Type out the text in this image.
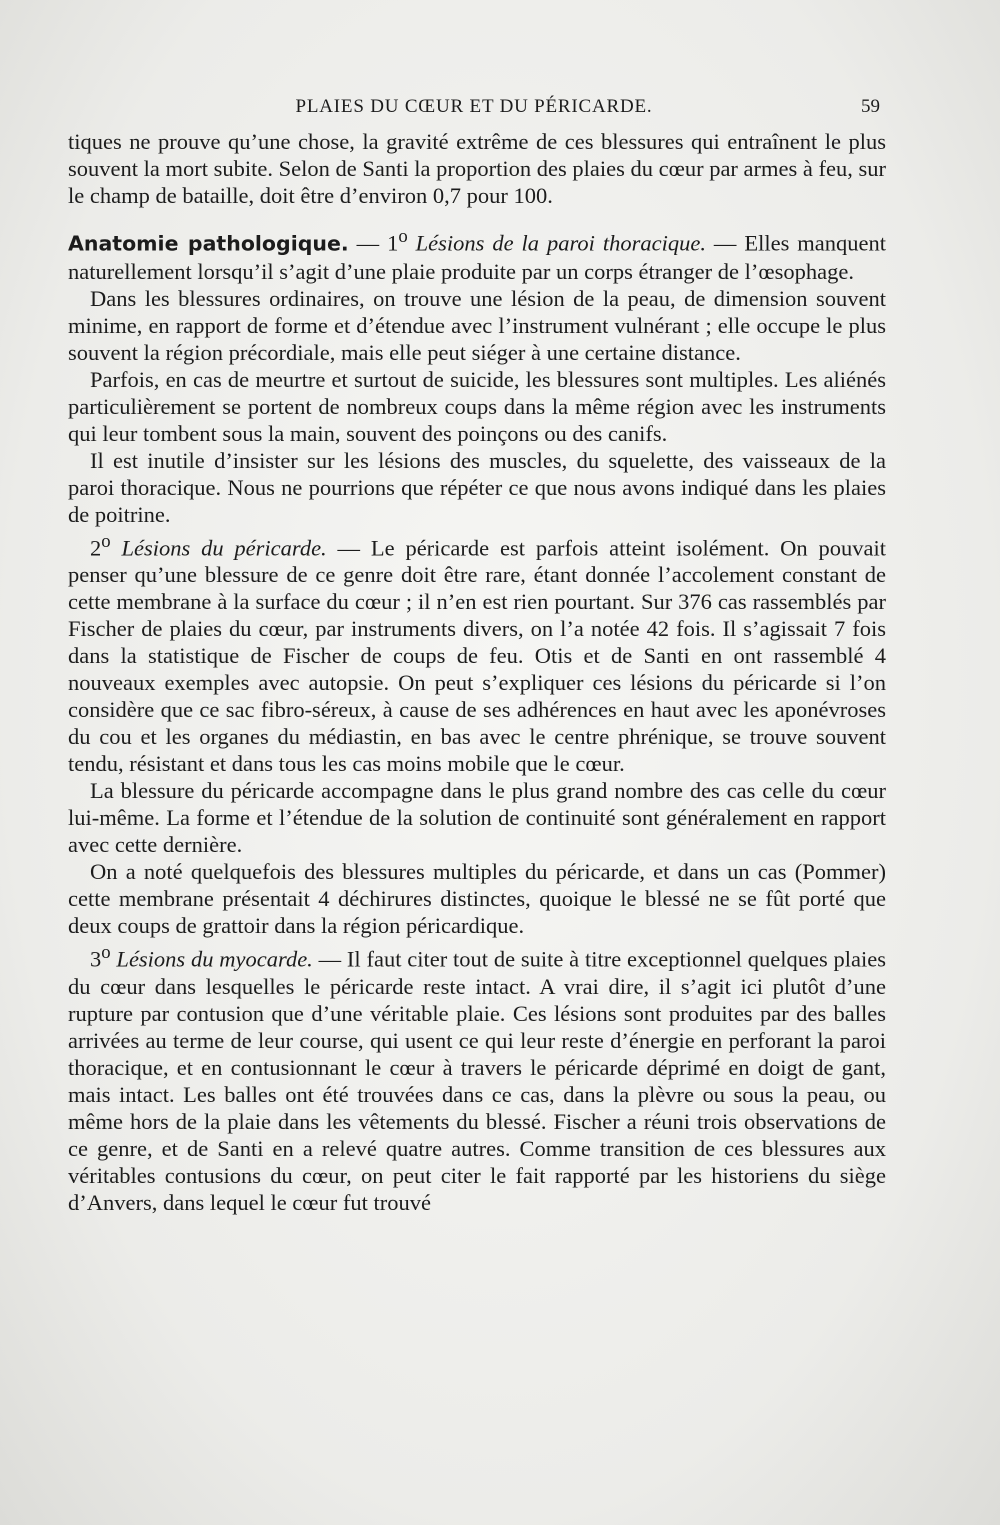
PLAIES DU CŒUR ET DU PÉRICARDE.	59

tiques ne prouve qu’une chose, la gravité extrême de ces blessures qui entraînent le plus souvent la mort subite. Selon de Santi la proportion des plaies du cœur par armes à feu, sur le champ de bataille, doit être d’environ 0,7 pour 100.

Anatomie pathologique. — 1$^o$ Lésions de la paroi thoracique. — Elles manquent naturellement lorsqu’il s’agit d’une plaie produite par un corps étranger de l’œsophage.

Dans les blessures ordinaires, on trouve une lésion de la peau, de dimension souvent minime, en rapport de forme et d’étendue avec l’instrument vulnérant ; elle occupe le plus souvent la région précordiale, mais elle peut siéger à une certaine distance.

Parfois, en cas de meurtre et surtout de suicide, les blessures sont multiples. Les aliénés particulièrement se portent de nombreux coups dans la même région avec les instruments qui leur tombent sous la main, souvent des poinçons ou des canifs.

Il est inutile d’insister sur les lésions des muscles, du squelette, des vaisseaux de la paroi thoracique. Nous ne pourrions que répéter ce que nous avons indiqué dans les plaies de poitrine.

2$^o$ Lésions du péricarde. — Le péricarde est parfois atteint isolément. On pouvait penser qu’une blessure de ce genre doit être rare, étant donnée l’accolement constant de cette membrane à la surface du cœur ; il n’en est rien pourtant. Sur 376 cas rassemblés par Fischer de plaies du cœur, par instruments divers, on l’a notée 42 fois. Il s’agissait 7 fois dans la statistique de Fischer de coups de feu. Otis et de Santi en ont rassemblé 4 nouveaux exemples avec autopsie. On peut s’expliquer ces lésions du péricarde si l’on considère que ce sac fibro-séreux, à cause de ses adhérences en haut avec les aponévroses du cou et les organes du médiastin, en bas avec le centre phrénique, se trouve souvent tendu, résistant et dans tous les cas moins mobile que le cœur.

La blessure du péricarde accompagne dans le plus grand nombre des cas celle du cœur lui-même. La forme et l’étendue de la solution de continuité sont généralement en rapport avec cette dernière.

On a noté quelquefois des blessures multiples du péricarde, et dans un cas (Pommer) cette membrane présentait 4 déchirures distinctes, quoique le blessé ne se fût porté que deux coups de grattoir dans la région péricardique.

3$^o$ Lésions du myocarde. — Il faut citer tout de suite à titre exceptionnel quelques plaies du cœur dans lesquelles le péricarde reste intact. A vrai dire, il s’agit ici plutôt d’une rupture par contusion que d’une véritable plaie. Ces lésions sont produites par des balles arrivées au terme de leur course, qui usent ce qui leur reste d’énergie en perforant la paroi thoracique, et en contusionnant le cœur à travers le péricarde déprimé en doigt de gant, mais intact. Les balles ont été trouvées dans ce cas, dans la plèvre ou sous la peau, ou même hors de la plaie dans les vêtements du blessé. Fischer a réuni trois observations de ce genre, et de Santi en a relevé quatre autres. Comme transition de ces blessures aux véritables contusions du cœur, on peut citer le fait rapporté par les historiens du siège d’Anvers, dans lequel le cœur fut trouvé
